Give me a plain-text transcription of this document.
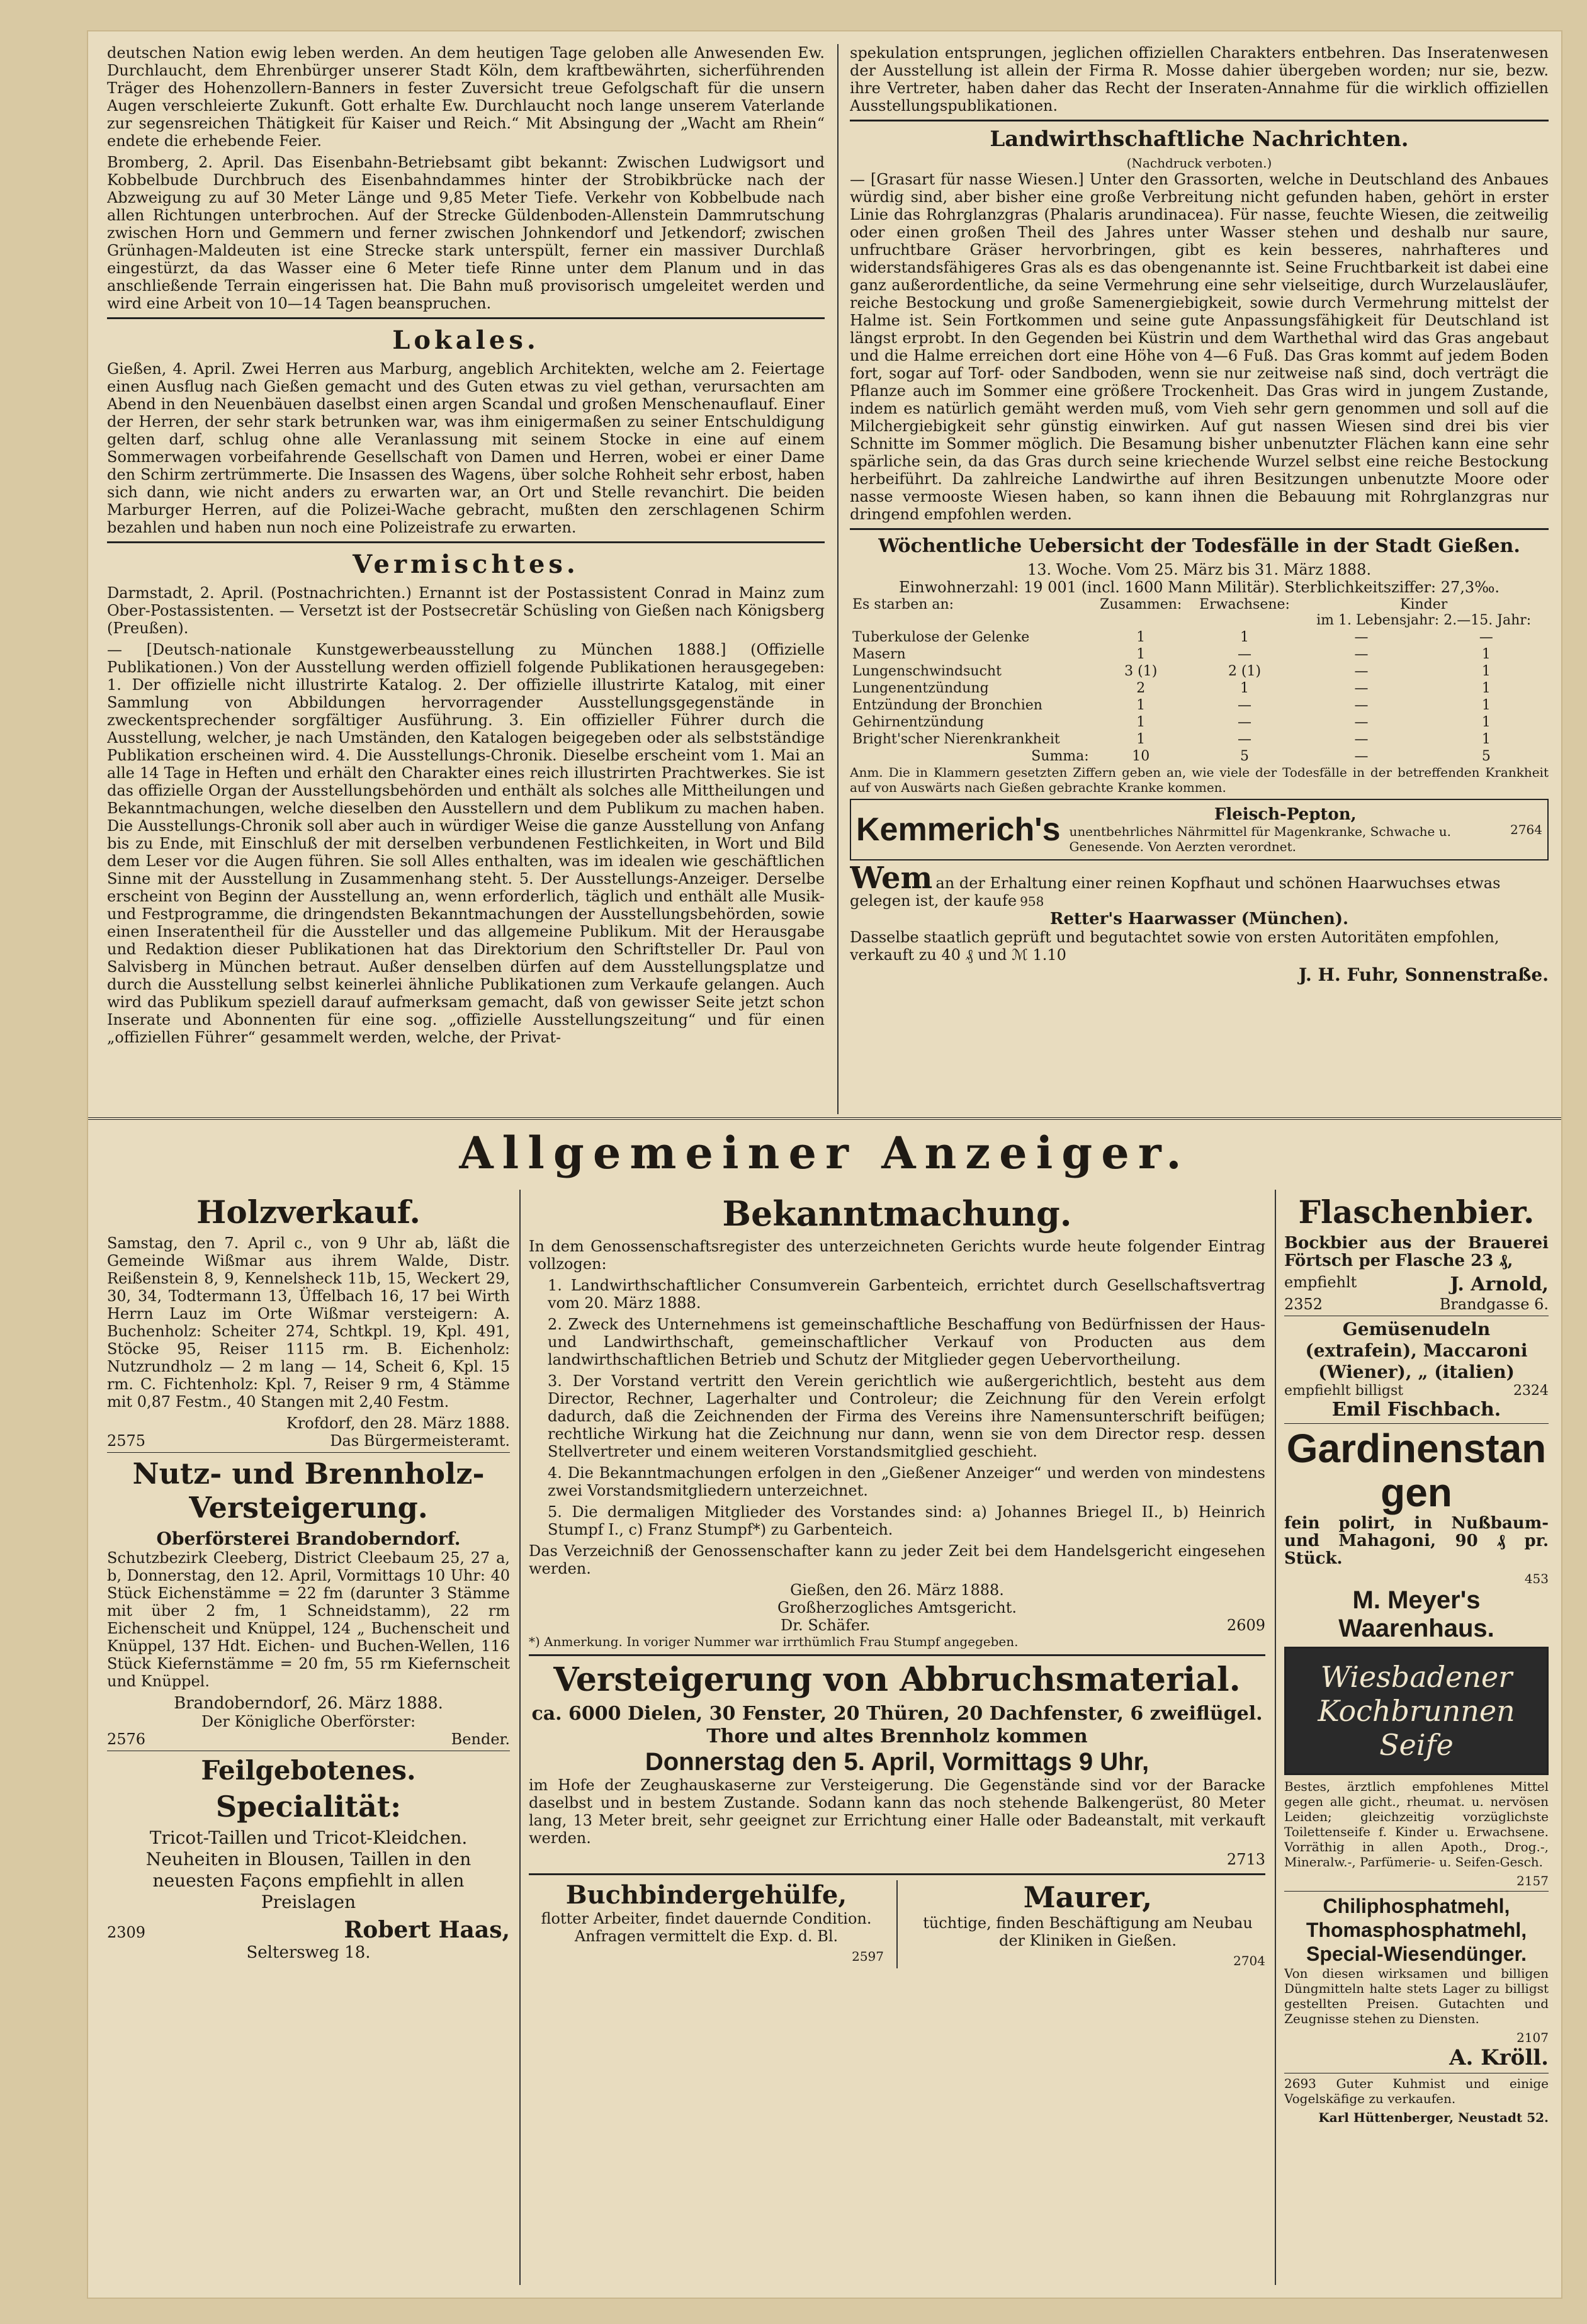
deutschen Nation ewig leben werden. An dem heutigen Tage geloben alle Anwesenden Ew. Durchlaucht, dem Ehrenbürger unserer Stadt Köln, dem kraftbewährten, sicherführenden Träger des Hohenzollern-Banners in fester Zuversicht treue Gefolgschaft für die unsern Augen verschleierte Zukunft. Gott erhalte Ew. Durchlaucht noch lange unserem Vaterlande zur segensreichen Thätigkeit für Kaiser und Reich.“ Mit Absingung der „Wacht am Rhein“ endete die erhebende Feier.

Bromberg, 2. April. Das Eisenbahn-Betriebsamt gibt bekannt: Zwischen Ludwigsort und Kobbelbude Durchbruch des Eisenbahndammes hinter der Strobikbrücke nach der Abzweigung zu auf 30 Meter Länge und 9,85 Meter Tiefe. Verkehr von Kobbelbude nach allen Richtungen unterbrochen. Auf der Strecke Güldenboden-Allenstein Dammrutschung zwischen Horn und Gemmern und ferner zwischen Johnkendorf und Jetkendorf; zwischen Grünhagen-Maldeuten ist eine Strecke stark unterspült, ferner ein massiver Durchlaß eingestürzt, da das Wasser eine 6 Meter tiefe Rinne unter dem Planum und in das anschließende Terrain eingerissen hat. Die Bahn muß provisorisch umgeleitet werden und wird eine Arbeit von 10—14 Tagen beanspruchen.

Lokales.

Gießen, 4. April. Zwei Herren aus Marburg, angeblich Architekten, welche am 2. Feiertage einen Ausflug nach Gießen gemacht und des Guten etwas zu viel gethan, verursachten am Abend in den Neuenbäuen daselbst einen argen Scandal und großen Menschenauflauf. Einer der Herren, der sehr stark betrunken war, was ihm einigermaßen zu seiner Entschuldigung gelten darf, schlug ohne alle Veranlassung mit seinem Stocke in eine auf einem Sommerwagen vorbeifahrende Gesellschaft von Damen und Herren, wobei er einer Dame den Schirm zertrümmerte. Die Insassen des Wagens, über solche Rohheit sehr erbost, haben sich dann, wie nicht anders zu erwarten war, an Ort und Stelle revanchirt. Die beiden Marburger Herren, auf die Polizei-Wache gebracht, mußten den zerschlagenen Schirm bezahlen und haben nun noch eine Polizeistrafe zu erwarten.

Vermischtes.

Darmstadt, 2. April. (Postnachrichten.) Ernannt ist der Postassistent Conrad in Mainz zum Ober-Postassistenten. — Versetzt ist der Postsecretär Schüsling von Gießen nach Königsberg (Preußen).

— [Deutsch-nationale Kunstgewerbeausstellung zu München 1888.] (Offizielle Publikationen.) Von der Ausstellung werden offiziell folgende Publikationen herausgegeben: 1. Der offizielle nicht illustrirte Katalog. 2. Der offizielle illustrirte Katalog, mit einer Sammlung von Abbildungen hervorragender Ausstellungsgegenstände in zweckentsprechender sorgfältiger Ausführung. 3. Ein offizieller Führer durch die Ausstellung, welcher, je nach Umständen, den Katalogen beigegeben oder als selbstständige Publikation erscheinen wird. 4. Die Ausstellungs-Chronik. Dieselbe erscheint vom 1. Mai an alle 14 Tage in Heften und erhält den Charakter eines reich illustrirten Prachtwerkes. Sie ist das offizielle Organ der Ausstellungsbehörden und enthält als solches alle Mittheilungen und Bekanntmachungen, welche dieselben den Ausstellern und dem Publikum zu machen haben. Die Ausstellungs-Chronik soll aber auch in würdiger Weise die ganze Ausstellung von Anfang bis zu Ende, mit Einschluß der mit derselben verbundenen Festlichkeiten, in Wort und Bild dem Leser vor die Augen führen. Sie soll Alles enthalten, was im idealen wie geschäftlichen Sinne mit der Ausstellung in Zusammenhang steht. 5. Der Ausstellungs-Anzeiger. Derselbe erscheint von Beginn der Ausstellung an, wenn erforderlich, täglich und enthält alle Musik- und Festprogramme, die dringendsten Bekanntmachungen der Ausstellungsbehörden, sowie einen Inseratentheil für die Aussteller und das allgemeine Publikum. Mit der Herausgabe und Redaktion dieser Publikationen hat das Direktorium den Schriftsteller Dr. Paul von Salvisberg in München betraut. Außer denselben dürfen auf dem Ausstellungsplatze und durch die Ausstellung selbst keinerlei ähnliche Publikationen zum Verkaufe gelangen. Auch wird das Publikum speziell darauf aufmerksam gemacht, daß von gewisser Seite jetzt schon Inserate und Abonnenten für eine sog. „offizielle Ausstellungszeitung“ und für einen „offiziellen Führer“ gesammelt werden, welche, der Privat-

spekulation entsprungen, jeglichen offiziellen Charakters entbehren. Das Inseratenwesen der Ausstellung ist allein der Firma R. Mosse dahier übergeben worden; nur sie, bezw. ihre Vertreter, haben daher das Recht der Inseraten-Annahme für die wirklich offiziellen Ausstellungspublikationen.

Landwirthschaftliche Nachrichten.
(Nachdruck verboten.)

— [Grasart für nasse Wiesen.] Unter den Grassorten, welche in Deutschland des Anbaues würdig sind, aber bisher eine große Verbreitung nicht gefunden haben, gehört in erster Linie das Rohrglanzgras (Phalaris arundinacea). Für nasse, feuchte Wiesen, die zeitweilig oder einen großen Theil des Jahres unter Wasser stehen und deshalb nur saure, unfruchtbare Gräser hervorbringen, gibt es kein besseres, nahrhafteres und widerstandsfähigeres Gras als es das obengenannte ist. Seine Fruchtbarkeit ist dabei eine ganz außerordentliche, da seine Vermehrung eine sehr vielseitige, durch Wurzelausläufer, reiche Bestockung und große Samenergiebigkeit, sowie durch Vermehrung mittelst der Halme ist. Sein Fortkommen und seine gute Anpassungsfähigkeit für Deutschland ist längst erprobt. In den Gegenden bei Küstrin und dem Warthethal wird das Gras angebaut und die Halme erreichen dort eine Höhe von 4—6 Fuß. Das Gras kommt auf jedem Boden fort, sogar auf Torf- oder Sandboden, wenn sie nur zeitweise naß sind, doch verträgt die Pflanze auch im Sommer eine größere Trockenheit. Das Gras wird in jungem Zustande, indem es natürlich gemäht werden muß, vom Vieh sehr gern genommen und soll auf die Milchergiebigkeit sehr günstig einwirken. Auf gut nassen Wiesen sind drei bis vier Schnitte im Sommer möglich. Die Besamung bisher unbenutzter Flächen kann eine sehr spärliche sein, da das Gras durch seine kriechende Wurzel selbst eine reiche Bestockung herbeiführt. Da zahlreiche Landwirthe auf ihren Besitzungen unbenutzte Moore oder nasse vermooste Wiesen haben, so kann ihnen die Bebauung mit Rohrglanzgras nur dringend empfohlen werden.

Wöchentliche Uebersicht der Todesfälle in der Stadt Gießen.
13. Woche. Vom 25. März bis 31. März 1888.
Einwohnerzahl: 19 001 (incl. 1600 Mann Militär). Sterblichkeitsziffer: 27,3‰.
Es starben an:	Zusammen:	Erwachsene:	Kinder
im 1. Lebensjahr: 2.—15. Jahr:	
Tuberkulose der Gelenke	1	1	—	—
Masern	1	—	—	1
Lungenschwindsucht	3 (1)	2 (1)	—	1
Lungenentzündung	2	1	—	1
Entzündung der Bronchien	1	—	—	1
Gehirnentzündung	1	—	—	1
Bright'scher Nierenkrankheit	1	—	—	1
Summa:	10	5	—	5

Anm. Die in Klammern gesetzten Ziffern geben an, wie viele der Todesfälle in der betreffenden Krankheit auf von Auswärts nach Gießen gebrachte Kranke kommen.

Kemmerich's	Fleisch-Pepton,
unentbehrliches Nährmittel für Magenkranke, Schwache u. Genesende. Von Aerzten verordnet.
2764
Wem an der Erhaltung einer reinen Kopfhaut und schönen Haarwuchses etwas gelegen ist, der kaufe 958
Retter's Haarwasser (München).
Dasselbe staatlich geprüft und begutachtet sowie von ersten Autoritäten empfohlen, verkauft zu 40 ₰ und ℳ 1.10
J. H. Fuhr, Sonnenstraße.
Allgemeiner Anzeiger.
Holzverkauf.

Samstag, den 7. April c., von 9 Uhr ab, läßt die Gemeinde Wißmar aus ihrem Walde, Distr. Reißenstein 8, 9, Kennelsheck 11b, 15, Weckert 29, 30, 34, Todtermann 13, Üffelbach 16, 17 bei Wirth Herrn Lauz im Orte Wißmar versteigern: A. Buchenholz: Scheiter 274, Schtkpl. 19, Kpl. 491, Stöcke 95, Reiser 1115 rm. B. Eichenholz: Nutzrundholz — 2 m lang — 14, Scheit 6, Kpl. 15 rm. C. Fichtenholz: Kpl. 7, Reiser 9 rm, 4 Stämme mit 0,87 Festm., 40 Stangen mit 2,40 Festm.

Krofdorf, den 28. März 1888.
2575	Das Bürgermeisteramt.
Nutz- und Brennholz-Versteigerung.
Oberförsterei Brandoberndorf.

Schutzbezirk Cleeberg, District Cleebaum 25, 27 a, b, Donnerstag, den 12. April, Vormittags 10 Uhr: 40 Stück Eichenstämme = 22 fm (darunter 3 Stämme mit über 2 fm, 1 Schneidstamm), 22 rm Eichenscheit und Knüppel, 124 „ Buchenscheit und Knüppel, 137 Hdt. Eichen- und Buchen-Wellen, 116 Stück Kiefernstämme = 20 fm, 55 rm Kiefernscheit und Knüppel.

Brandoberndorf, 26. März 1888.
Der Königliche Oberförster:
2576	Bender.
Feilgebotenes.
Specialität:

Tricot-Taillen und Tricot-Kleidchen. Neuheiten in Blousen, Taillen in den neuesten Façons empfiehlt in allen Preislagen

2309	Robert Haas,
Seltersweg 18.
Bekanntmachung.

In dem Genossenschaftsregister des unterzeichneten Gerichts wurde heute folgender Eintrag vollzogen:

1. Landwirthschaftlicher Consumverein Garbenteich, errichtet durch Gesellschaftsvertrag vom 20. März 1888.

2. Zweck des Unternehmens ist gemeinschaftliche Beschaffung von Bedürfnissen der Haus- und Landwirthschaft, gemeinschaftlicher Verkauf von Producten aus dem landwirthschaftlichen Betrieb und Schutz der Mitglieder gegen Uebervortheilung.

3. Der Vorstand vertritt den Verein gerichtlich wie außergerichtlich, besteht aus dem Director, Rechner, Lagerhalter und Controleur; die Zeichnung für den Verein erfolgt dadurch, daß die Zeichnenden der Firma des Vereins ihre Namensunterschrift beifügen; rechtliche Wirkung hat die Zeichnung nur dann, wenn sie von dem Director resp. dessen Stellvertreter und einem weiteren Vorstandsmitglied geschieht.

4. Die Bekanntmachungen erfolgen in den „Gießener Anzeiger“ und werden von mindestens zwei Vorstandsmitgliedern unterzeichnet.

5. Die dermaligen Mitglieder des Vorstandes sind: a) Johannes Briegel II., b) Heinrich Stumpf I., c) Franz Stumpf*) zu Garbenteich.

Das Verzeichniß der Genossenschafter kann zu jeder Zeit bei dem Handelsgericht eingesehen werden.

Gießen, den 26. März 1888.
Großherzogliches Amtsgericht.
Dr. Schäfer.	2609

*) Anmerkung. In voriger Nummer war irrthümlich Frau Stumpf angegeben.

Versteigerung von Abbruchsmaterial.
ca. 6000 Dielen, 30 Fenster, 20 Thüren, 20 Dachfenster, 6 zweiflügel. Thore und altes Brennholz kommen
Donnerstag den 5. April, Vormittags 9 Uhr,

im Hofe der Zeughauskaserne zur Versteigerung. Die Gegenstände sind vor der Baracke daselbst und in bestem Zustande. Sodann kann das noch stehende Balkengerüst, 80 Meter lang, 13 Meter breit, sehr geeignet zur Errichtung einer Halle oder Badeanstalt, mit verkauft werden.

2713
Buchbindergehülfe,

flotter Arbeiter, findet dauernde Condition. Anfragen vermittelt die Exp. d. Bl.

2597
Maurer,

tüchtige, finden Beschäftigung am Neubau der Kliniken in Gießen.

2704
Flaschenbier.

Bockbier aus der Brauerei Förtsch per Flasche 23 ₰,

empfiehlt	J. Arnold,
2352	Brandgasse 6.
Gemüsenudeln (extrafein), Maccaroni (Wiener), „ (italien)
empfiehlt billigst	2324
Emil Fischbach.
Gardinenstangen

fein polirt, in Nußbaum- und Mahagoni, 90 ₰ pr. Stück.

453
M. Meyer's Waarenhaus.
Wiesbadener Kochbrunnen Seife

Bestes, ärztlich empfohlenes Mittel gegen alle gicht., rheumat. u. nervösen Leiden; gleichzeitig vorzüglichste Toilettenseife f. Kinder u. Erwachsene. Vorräthig in allen Apoth., Drog.-, Mineralw.-, Parfümerie- u. Seifen-Gesch.

2157
Chiliphosphatmehl, Thomasphosphatmehl, Special-Wiesendünger.

Von diesen wirksamen und billigen Düngmitteln halte stets Lager zu billigst gestellten Preisen. Gutachten und Zeugnisse stehen zu Diensten.

2107
A. Kröll.

2693 Guter Kuhmist und einige Vogelskäfige zu verkaufen.

Karl Hüttenberger, Neustadt 52.
